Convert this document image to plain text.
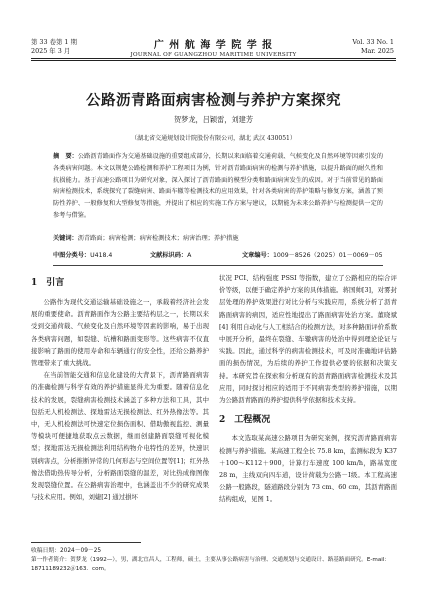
第 33 卷第 1 期
2025 年 3 月	广 州 航 海 学 院 学 报
JOURNAL OF GUANGZHOU MARITIME UNIVERSITY
Vol. 33 No. 1
Mar. 2025
公路沥青路面病害检测与养护方案探究
贺梦龙，吕颖雷，刘建芳
（湖北省交通规划设计院股份有限公司，湖北 武汉 430051）
摘　要：公路沥青路面作为交通基础设施的重要组成部分，长期以来面临着交通荷载、气候变化及自然环境等因素引发的各类病害问题。本文以荆楚公路检测和养护工程项目为例，针对沥青路面病害的检测与养护措施，以提升路面的耐久性和抗损能力。基于高速公路项目为研究对象，深入探讨了沥青路面的模型分类和路面病害发生的成因。对于当前常见的路面病害检测技术，系统探究了裂缝病害、路面车辙等检测技术的应用效果，针对各类病害的养护策略与修复方案，涵盖了预防性养护、一般修复和大型修复等措施，并提出了相应的实施工作方案与建议，以期能为未来公路养护与检测提供一定的参考与借鉴。
关键词：沥青路面；病害检测；病害检测技术；病害治理；养护措施
中图分类号：U418.4	文献标识码：A	文章编号：1009－8526（2025）01－0069－05
1　引言

公路作为现代交通运输基础设施之一，承载着经济社会发展的重要使命。沥青路面作为公路主要结构层之一，长期以来受到交通荷载、气候变化及自然环境等因素的影响，易于出现各类病害问题，如裂缝、坑槽和路面变形等。这些病害不仅直接影响了路面的使用寿命和车辆通行的安全性，还给公路养护管理带来了重大挑战。

在当前智能交通和信息化建设的大背景下，沥青路面病害的准确检测与科学有效的养护措施显得尤为重要。随着信息化技术的发展，裂缝病害检测技术涵盖了多种方法和工具，其中包括无人机检测法、探地雷达无损检测法、红外热像法等。其中，无人机检测法可快速定位损伤面积、借助傲视监控、测量等模块可便捷地获取点云数据，继而创建路面裂缝可视化模型；探地雷达无损检测法利用结构物介电特性的差异，快速识别病害点，分析推断异常的几何形态与空间位置等[1]；红外热像法借助热传导分析，分析路面裂缝的温差，对比热成像图像发现裂缝位置。在公路病害治理中，也涵盖出不少的研究成果与技术应用。例如，刘婕[2] 通过損坏

状况 PCI、结构强度 PSSI 等指数，建立了公路相应的综合评价等级，以便于确定养护方案的具体措施。蒋国帅[3]，对雾封层处理的养护效果进行对比分析与实践应用，系统分析了沥青路面病害的病因，适应性地提出了路面病害处治方案。董晓斌[4] 利用自动化与人工相结合的检测方法，对多种路面评价系数中展开分析，最终在裂缝、车辙病害的处治中得到理论论证与实践。因此，通过科学的病害检测技术，可及时准确地评估路面的损伤情况，为后续的养护工作提供必要的依据和决策支持。本研究旨在探索和分析现有的沥青路面病害检测技术及其应用，同时探讨相应的适用于不同病害类型的养护措施，以期为公路沥青路面的养护提供科学依据和技术支持。

2　工程概况

本文选取某高速公路项目为研究案例，探究沥青路面病害检测与养护措施。某高速工程全长 75.8 km，监测标段为 K37＋100～K112＋900，计算行车速度 100 km/h，路基宽度 28 m，主线双向四车道，设计荷载为公路－Ⅰ级。本工程高速公路一般路段，隧道路段分别为 73 cm、60 cm，其沥青路面结构组成，见图 1。

收稿日期：2024－09－25
第一作者简介：贺梦龙（1992—），男，湖北宜昌人，工程师，硕士，主要从事公路病害与治理、交通规划与交通设计、路基路面研究。E-mail：18711189232＠163．com。
